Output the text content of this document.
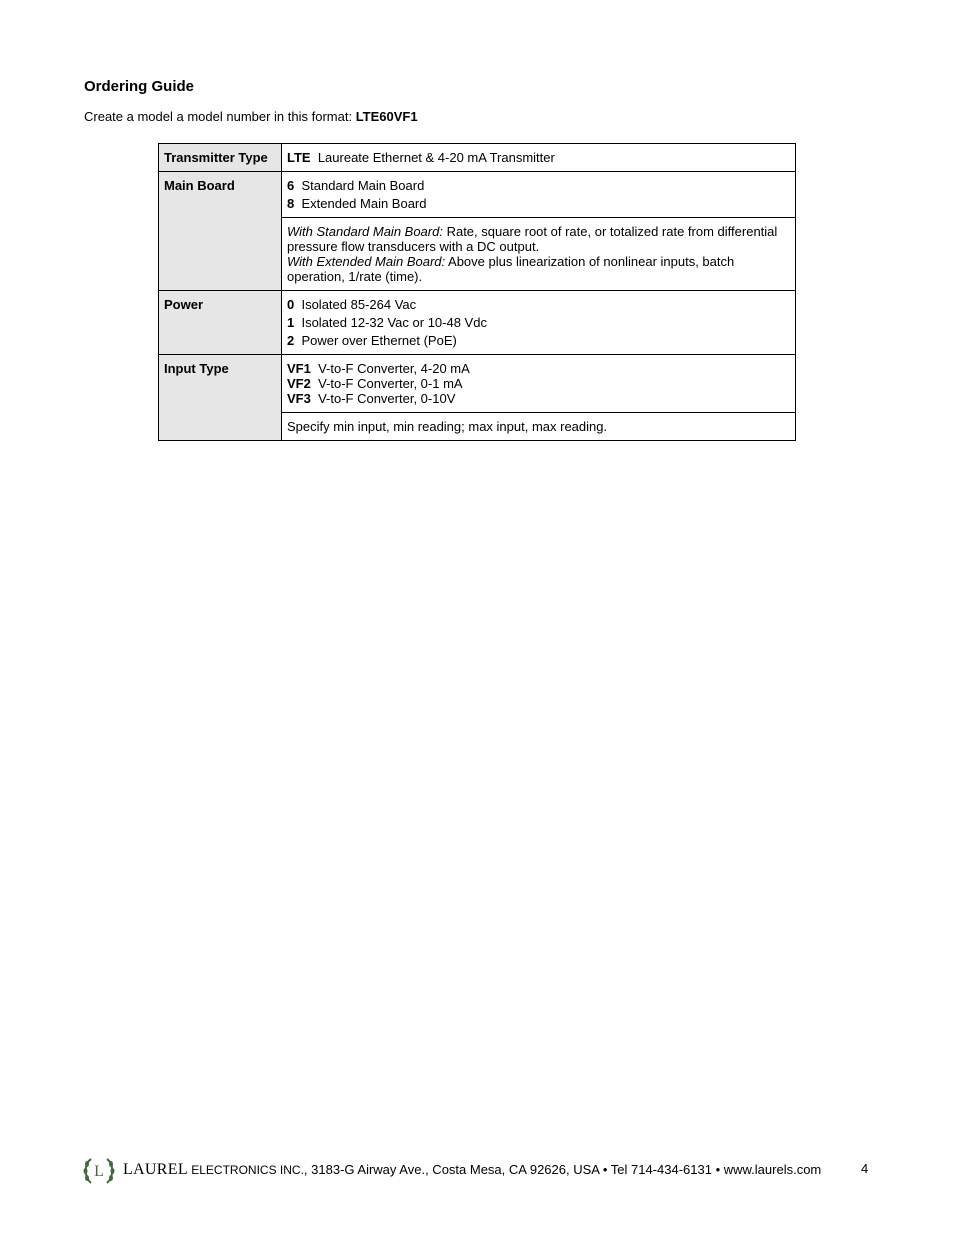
Ordering Guide
Create a model a model number in this format: LTE60VF1
Transmitter Type	LTE Laureate Ethernet & 4-20 mA Transmitter

Main Board	6 Standard Main Board
8 Extended Main Board

	With Standard Main Board: Rate, square root of rate, or totalized rate from differential pressure flow transducers with a DC output.
With Extended Main Board: Above plus linearization of nonlinear inputs, batch operation, 1/rate (time).
Power	0 Isolated 85-264 Vac
1 Isolated 12-32 Vac or 10-48 Vdc
2 Power over Ethernet (PoE)

Input Type	VF1 V-to-F Converter, 4-20 mA
VF2 V-to-F Converter, 0-1 mA
VF3 V-to-F Converter, 0-10V

	Specify min input, min reading; max input, max reading.
L LAUREL ELECTRONICS INC., 3183-G Airway Ave., Costa Mesa, CA 92626, USA • Tel 714-434-6131 • www.laurels.com	4
